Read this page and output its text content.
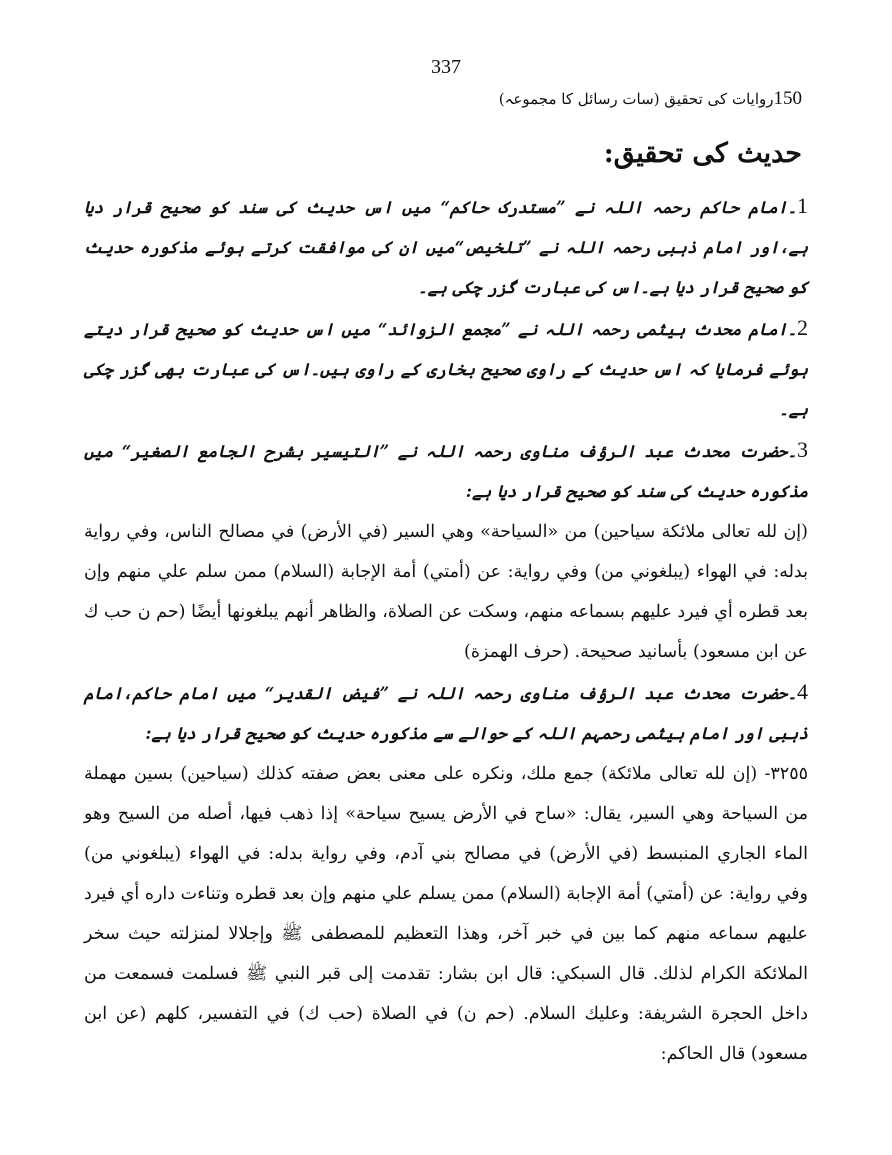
337
150روایات کی تحقیق (سات رسائل کا مجموعہ)
حدیث کی تحقیق:

1۔امام حاکم رحمہ اللہ نے ”مستدرک حاکم“ میں اس حدیث کی سند کو صحیح قرار دیا ہے،اور امام ذہبی رحمہ اللہ نے ”تلخیص“میں ان کی موافقت کرتے ہوئے مذکورہ حدیث کو صحیح قرار دیا ہے۔اس کی عبارت گزر چکی ہے۔

2۔امام محدث ہیثمی رحمہ اللہ نے ”مجمع الزوائد“ میں اس حدیث کو صحیح قرار دیتے ہوئے فرمایا کہ اس حدیث کے راوی صحیح بخاری کے راوی ہیں۔اس کی عبارت بھی گزر چکی ہے۔

3۔حضرت محدث عبد الرؤف مناوی رحمہ اللہ نے ”التیسیر بشرح الجامع الصغیر“ میں مذکورہ حدیث کی سند کو صحیح قرار دیا ہے:

(إن لله تعالى ملائكة سياحين) من «السياحة» وهي السير (في الأرض) في مصالح الناس، وفي رواية بدله: في الهواء (يبلغوني من) وفي رواية: عن (أمتي) أمة الإجابة (السلام) ممن سلم علي منهم وإن بعد قطره أي فيرد عليهم بسماعه منهم، وسكت عن الصلاة، والظاهر أنهم يبلغونها أيضًا (حم ن حب ك عن ابن مسعود) بأسانيد صحيحة. (حرف الهمزة)

4۔حضرت محدث عبد الرؤف مناوی رحمہ اللہ نے ”فیض القدیر“ میں امام حاکم،امام ذہبی اور امام ہیثمی رحمہم اللہ کے حوالے سے مذکورہ حدیث کو صحیح قرار دیا ہے:

٣٢٥٥- (إن لله تعالى ملائكة) جمع ملك، ونكره على معنى بعض صفته كذلك (سياحين) بسين مهملة من السياحة وهي السير، يقال: «ساح في الأرض يسيح سياحة» إذا ذهب فيها، أصله من السيح وهو الماء الجاري المنبسط (في الأرض) في مصالح بني آدم، وفي رواية بدله: في الهواء (يبلغوني من) وفي رواية: عن (أمتي) أمة الإجابة (السلام) ممن يسلم علي منهم وإن بعد قطره وتناءت داره أي فيرد عليهم سماعه منهم كما بين في خبر آخر، وهذا التعظيم للمصطفى ﷺ وإجلالا لمنزلته حيث سخر الملائكة الكرام لذلك. قال السبكي: قال ابن بشار: تقدمت إلى قبر النبي ﷺ فسلمت فسمعت من داخل الحجرة الشريفة: وعليك السلام. (حم ن) في الصلاة (حب ك) في التفسير، كلهم (عن ابن مسعود) قال الحاكم:
